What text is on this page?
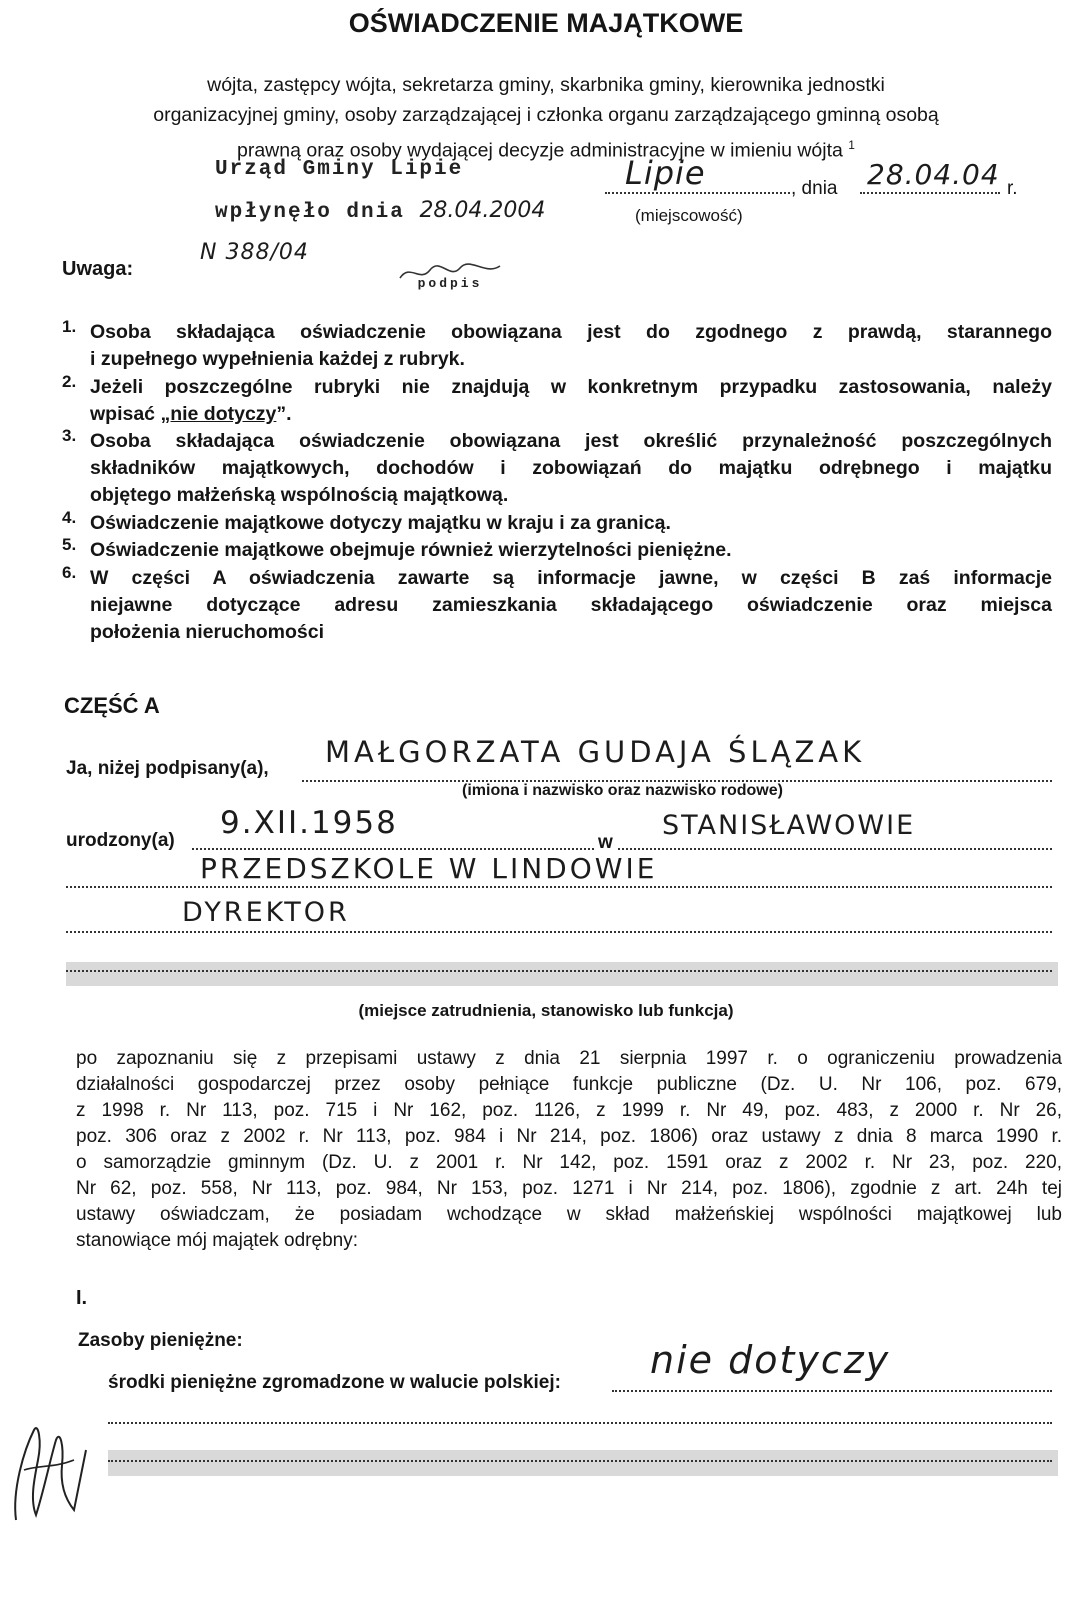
OŚWIADCZENIE MAJĄTKOWE
wójta, zastępcy wójta, sekretarza gminy, skarbnika gminy, kierownika jednostki
organizacyjnej gminy, osoby zarządzającej i członka organu zarządzającego gminną osobą
prawną oraz osoby wydającej decyzje administracyjne w imieniu wójta $^1$
Urząd Gminy Lipie
wpłynęło dnia 28.04.2004
N 388/04
podpis
Lipie	, dnia 28.04.04 r.
(miejscowość)
Uwaga:
1. Osoba składająca oświadczenie obowiązana jest do zgodnego z prawdą, starannego
i zupełnego wypełnienia każdej z rubryk.
2. Jeżeli poszczególne rubryki nie znajdują w konkretnym przypadku zastosowania, należy
wpisać „nie dotyczy”.
3. Osoba składająca oświadczenie obowiązana jest określić przynależność poszczególnych
składników majątkowych, dochodów i zobowiązań do majątku odrębnego i majątku
objętego małżeńską wspólnością majątkową.
4. Oświadczenie majątkowe dotyczy majątku w kraju i za granicą.
5. Oświadczenie majątkowe obejmuje również wierzytelności pieniężne.
6. W części A oświadczenia zawarte są informacje jawne, w części B zaś informacje
niejawne dotyczące adresu zamieszkania składającego oświadczenie oraz miejsca
położenia nieruchomości
CZĘŚĆ A
Ja, niżej podpisany(a), MAŁGORZATA GUDAJA ŚLĄZAK
(imiona i nazwisko oraz nazwisko rodowe)
urodzony(a) 9.XII.1958
w
STANISŁAWOWIE
PRZEDSZKOLE W LINDOWIE
DYREKTOR
(miejsce zatrudnienia, stanowisko lub funkcja)
po zapoznaniu się z przepisami ustawy z dnia 21 sierpnia 1997 r. o ograniczeniu prowadzenia
działalności gospodarczej przez osoby pełniące funkcje publiczne (Dz. U. Nr 106, poz. 679,
z 1998 r. Nr 113, poz. 715 i Nr 162, poz. 1126, z 1999 r. Nr 49, poz. 483, z 2000 r. Nr 26,
poz. 306 oraz z 2002 r. Nr 113, poz. 984 i Nr 214, poz. 1806) oraz ustawy z dnia 8 marca 1990 r.
o samorządzie gminnym (Dz. U. z 2001 r. Nr 142, poz. 1591 oraz z 2002 r. Nr 23, poz. 220,
Nr 62, poz. 558, Nr 113, poz. 984, Nr 153, poz. 1271 i Nr 214, poz. 1806), zgodnie z art. 24h tej
ustawy oświadczam, że posiadam wchodzące w skład małżeńskiej wspólności majątkowej lub
stanowiące mój majątek odrębny:
I.
Zasoby pieniężne:
środki pieniężne zgromadzone w walucie polskiej:
nie dotyczy
